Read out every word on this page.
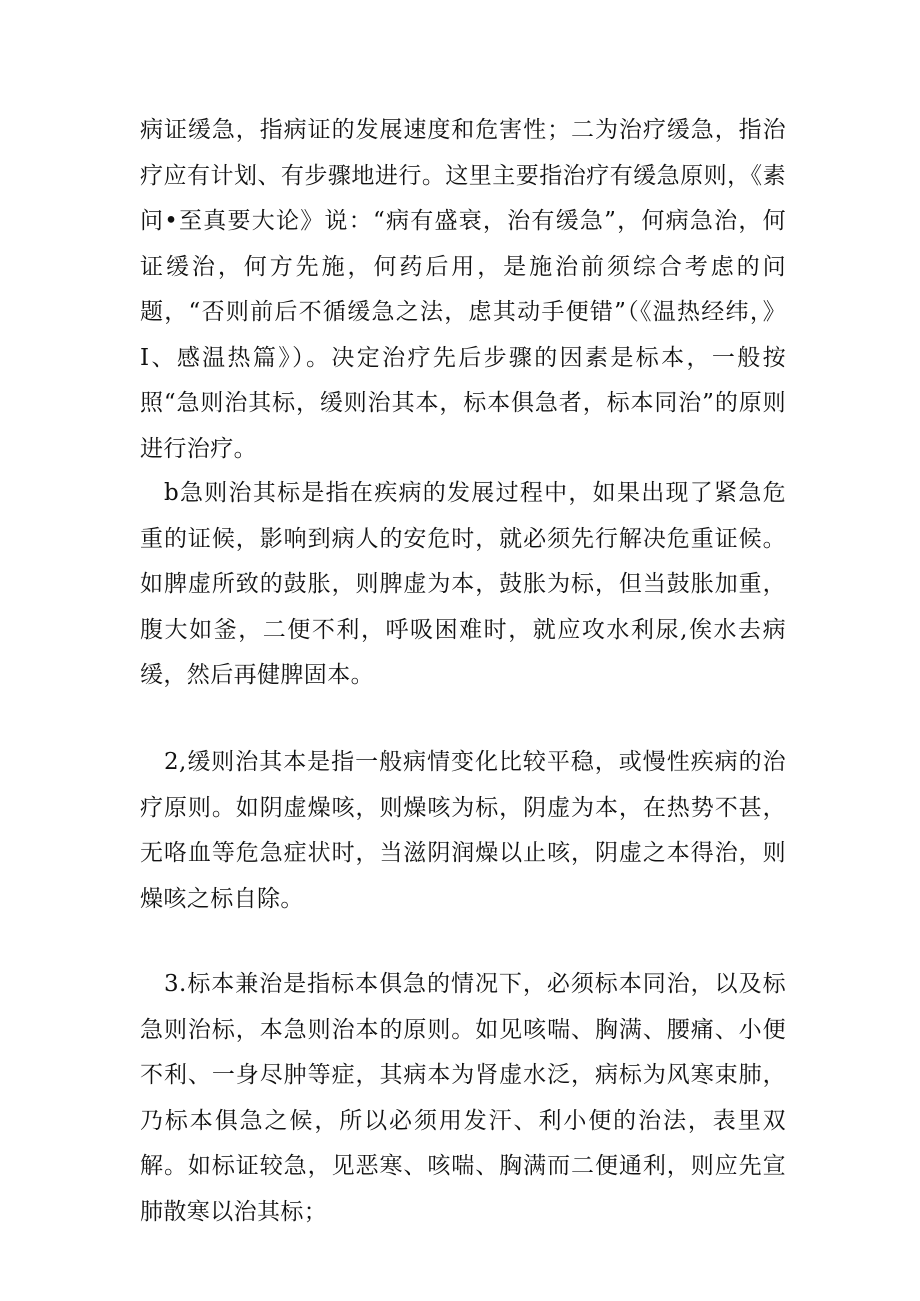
病证缓急，指病证的发展速度和危害性；二为治疗缓急，指治疗应有计划、有步骤地进行。这里主要指治疗有缓急原则，《素问•至真要大论》说：“病有盛衰，治有缓急”，何病急治，何证缓治，何方先施，何药后用，是施治前须综合考虑的问题，“否则前后不循缓急之法，虑其动手便错”（《温热经纬，》I、感温热篇》）。决定治疗先后步骤的因素是标本，一般按照“急则治其标，缓则治其本，标本俱急者，标本同治”的原则进行治疗。

b急则治其标是指在疾病的发展过程中，如果出现了紧急危重的证候，影响到病人的安危时，就必须先行解决危重证候。如脾虚所致的鼓胀，则脾虚为本，鼓胀为标，但当鼓胀加重，腹大如釜，二便不利，呼吸困难时，就应攻水利尿,俟水去病缓，然后再健脾固本。

2,缓则治其本是指一般病情变化比较平稳，或慢性疾病的治疗原则。如阴虚燥咳，则燥咳为标，阴虚为本，在热势不甚，无咯血等危急症状时，当滋阴润燥以止咳，阴虚之本得治，则燥咳之标自除。

3.标本兼治是指标本俱急的情况下，必须标本同治，以及标急则治标，本急则治本的原则。如见咳喘、胸满、腰痛、小便不利、一身尽肿等症，其病本为肾虚水泛，病标为风寒束肺，乃标本俱急之候，所以必须用发汗、利小便的治法，表里双解。如标证较急，见恶寒、咳喘、胸满而二便通利，则应先宣肺散寒以治其标；
